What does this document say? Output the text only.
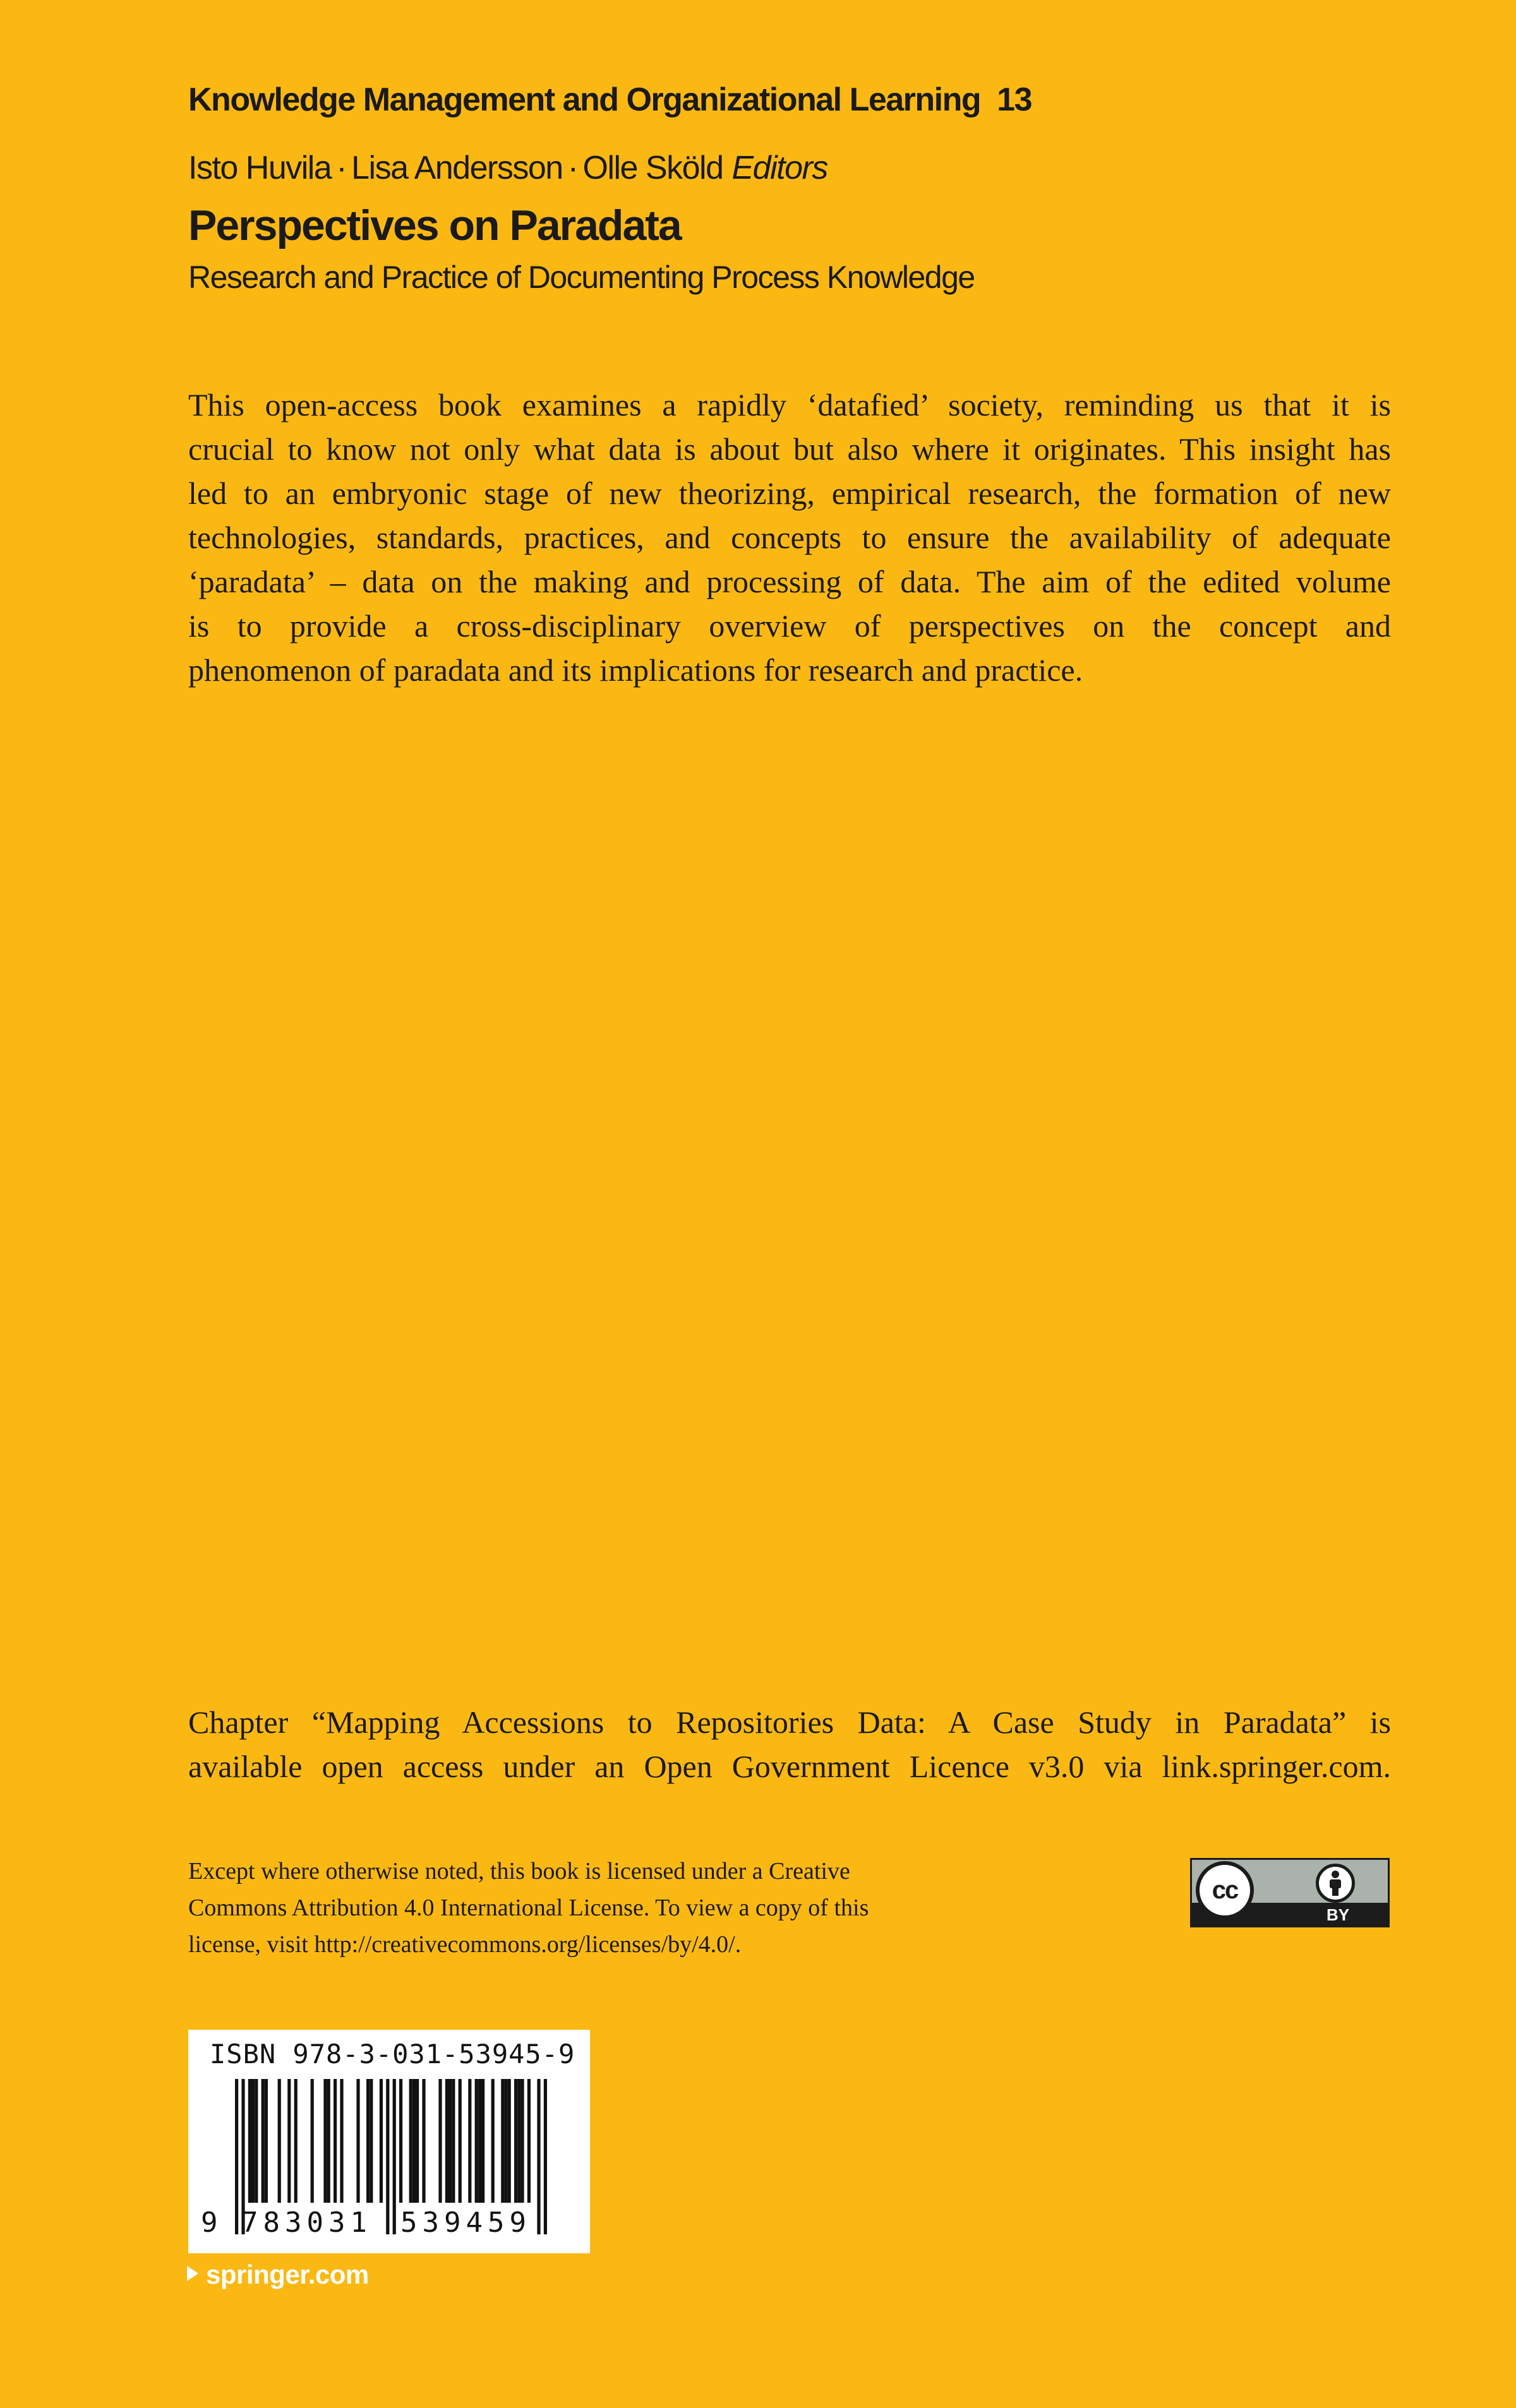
Knowledge Management and Organizational Learning 13
Isto Huvila · Lisa Andersson · Olle Sköld Editors
Perspectives on Paradata
Research and Practice of Documenting Process Knowledge
This open-access book examines a rapidly ‘datafied’ society, reminding us that it is
crucial to know not only what data is about but also where it originates. This insight has
led to an embryonic stage of new theorizing, empirical research, the formation of new
technologies, standards, practices, and concepts to ensure the availability of adequate
‘paradata’ – data on the making and processing of data. The aim of the edited volume
is to provide a cross-disciplinary overview of perspectives on the concept and
phenomenon of paradata and its implications for research and practice.
Chapter “Mapping Accessions to Repositories Data: A Case Study in Paradata” is
available open access under an Open Government Licence v3.0 via link.springer.com.
Except where otherwise noted, this book is licensed under a Creative
Commons Attribution 4.0 International License. To view a copy of this
license, visit http://creativecommons.org/licenses/by/4.0/.
cc
BY
ISBN 978-3-031-53945-9
9 783031 539459
springer.com
